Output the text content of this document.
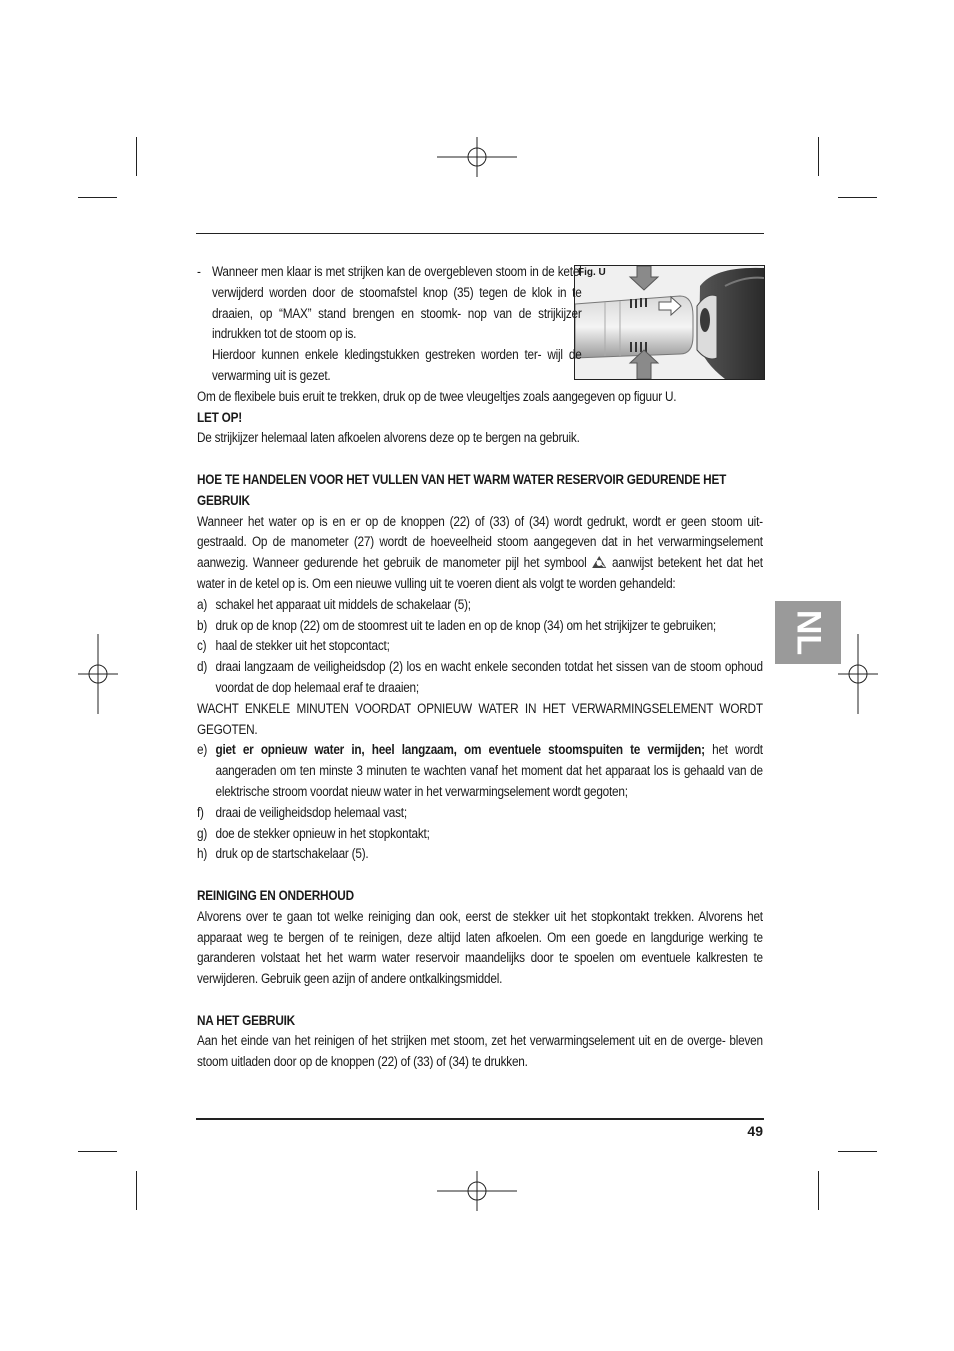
Fig. U
- Wanneer men klaar is met strijken kan de overgebleven stoom in de ketel verwijderd worden door de stoomafstel knop (35) tegen de klok in te draaien, op “MAX” stand brengen en stoomk- nop van de strijkijzer indrukken tot de stoom op is.

Hierdoor kunnen enkele kledingstukken gestreken worden ter- wijl de verwarming uit is gezet.

Om de flexibele buis eruit te trekken, druk op de twee vleugeltjes zoals aangegeven op figuur U.

LET OP!

De strijkijzer helemaal laten afkoelen alvorens deze op te bergen na gebruik.

HOE TE HANDELEN VOOR HET VULLEN VAN HET WARM WATER RESERVOIR GEDURENDE HET GEBRUIK

Wanneer het water op is en er op de knoppen (22) of (33) of (34) wordt gedrukt, wordt er geen stoom uit- gestraald. Op de manometer (27) wordt de hoeveelheid stoom aangegeven dat in het verwarmingselement aanwezig. Wanneer gedurende het gebruik de manometer pijl het symbool aanwijst betekent het dat het water in de ketel op is. Om een nieuwe vulling uit te voeren dient als volgt te worden gehandeld:

a) schakel het apparaat uit middels de schakelaar (5);
b) druk op de knop (22) om de stoomrest uit te laden en op de knop (34) om het strijkijzer te gebruiken;
c) haal de stekker uit het stopcontact;
d) draai langzaam de veiligheidsdop (2) los en wacht enkele seconden totdat het sissen van de stoom ophoud voordat de dop helemaal eraf te draaien;

WACHT ENKELE MINUTEN VOORDAT OPNIEUW WATER IN HET VERWARMINGSELEMENT WORDT GEGOTEN.

e) giet er opnieuw water in, heel langzaam, om eventuele stoomspuiten te vermijden; het wordt aangeraden om ten minste 3 minuten te wachten vanaf het moment dat het apparaat los is gehaald van de elektrische stroom voordat nieuw water in het verwarmingselement wordt gegoten;
f) draai de veiligheidsdop helemaal vast;
g) doe de stekker opnieuw in het stopkontakt;
h) druk op de startschakelaar (5).

REINIGING EN ONDERHOUD

Alvorens over te gaan tot welke reiniging dan ook, eerst de stekker uit het stopkontakt trekken. Alvorens het apparaat weg te bergen of te reinigen, deze altijd laten afkoelen. Om een goede en langdurige werking te garanderen volstaat het het warm water reservoir maandelijks door te spoelen om eventuele kalkresten te verwijderen. Gebruik geen azijn of andere ontkalkingsmiddel.

NA HET GEBRUIK

Aan het einde van het reinigen of het strijken met stoom, zet het verwarmingselement uit en de overge- bleven stoom uitladen door op de knoppen (22) of (33) of (34) te drukken.

NL
49
